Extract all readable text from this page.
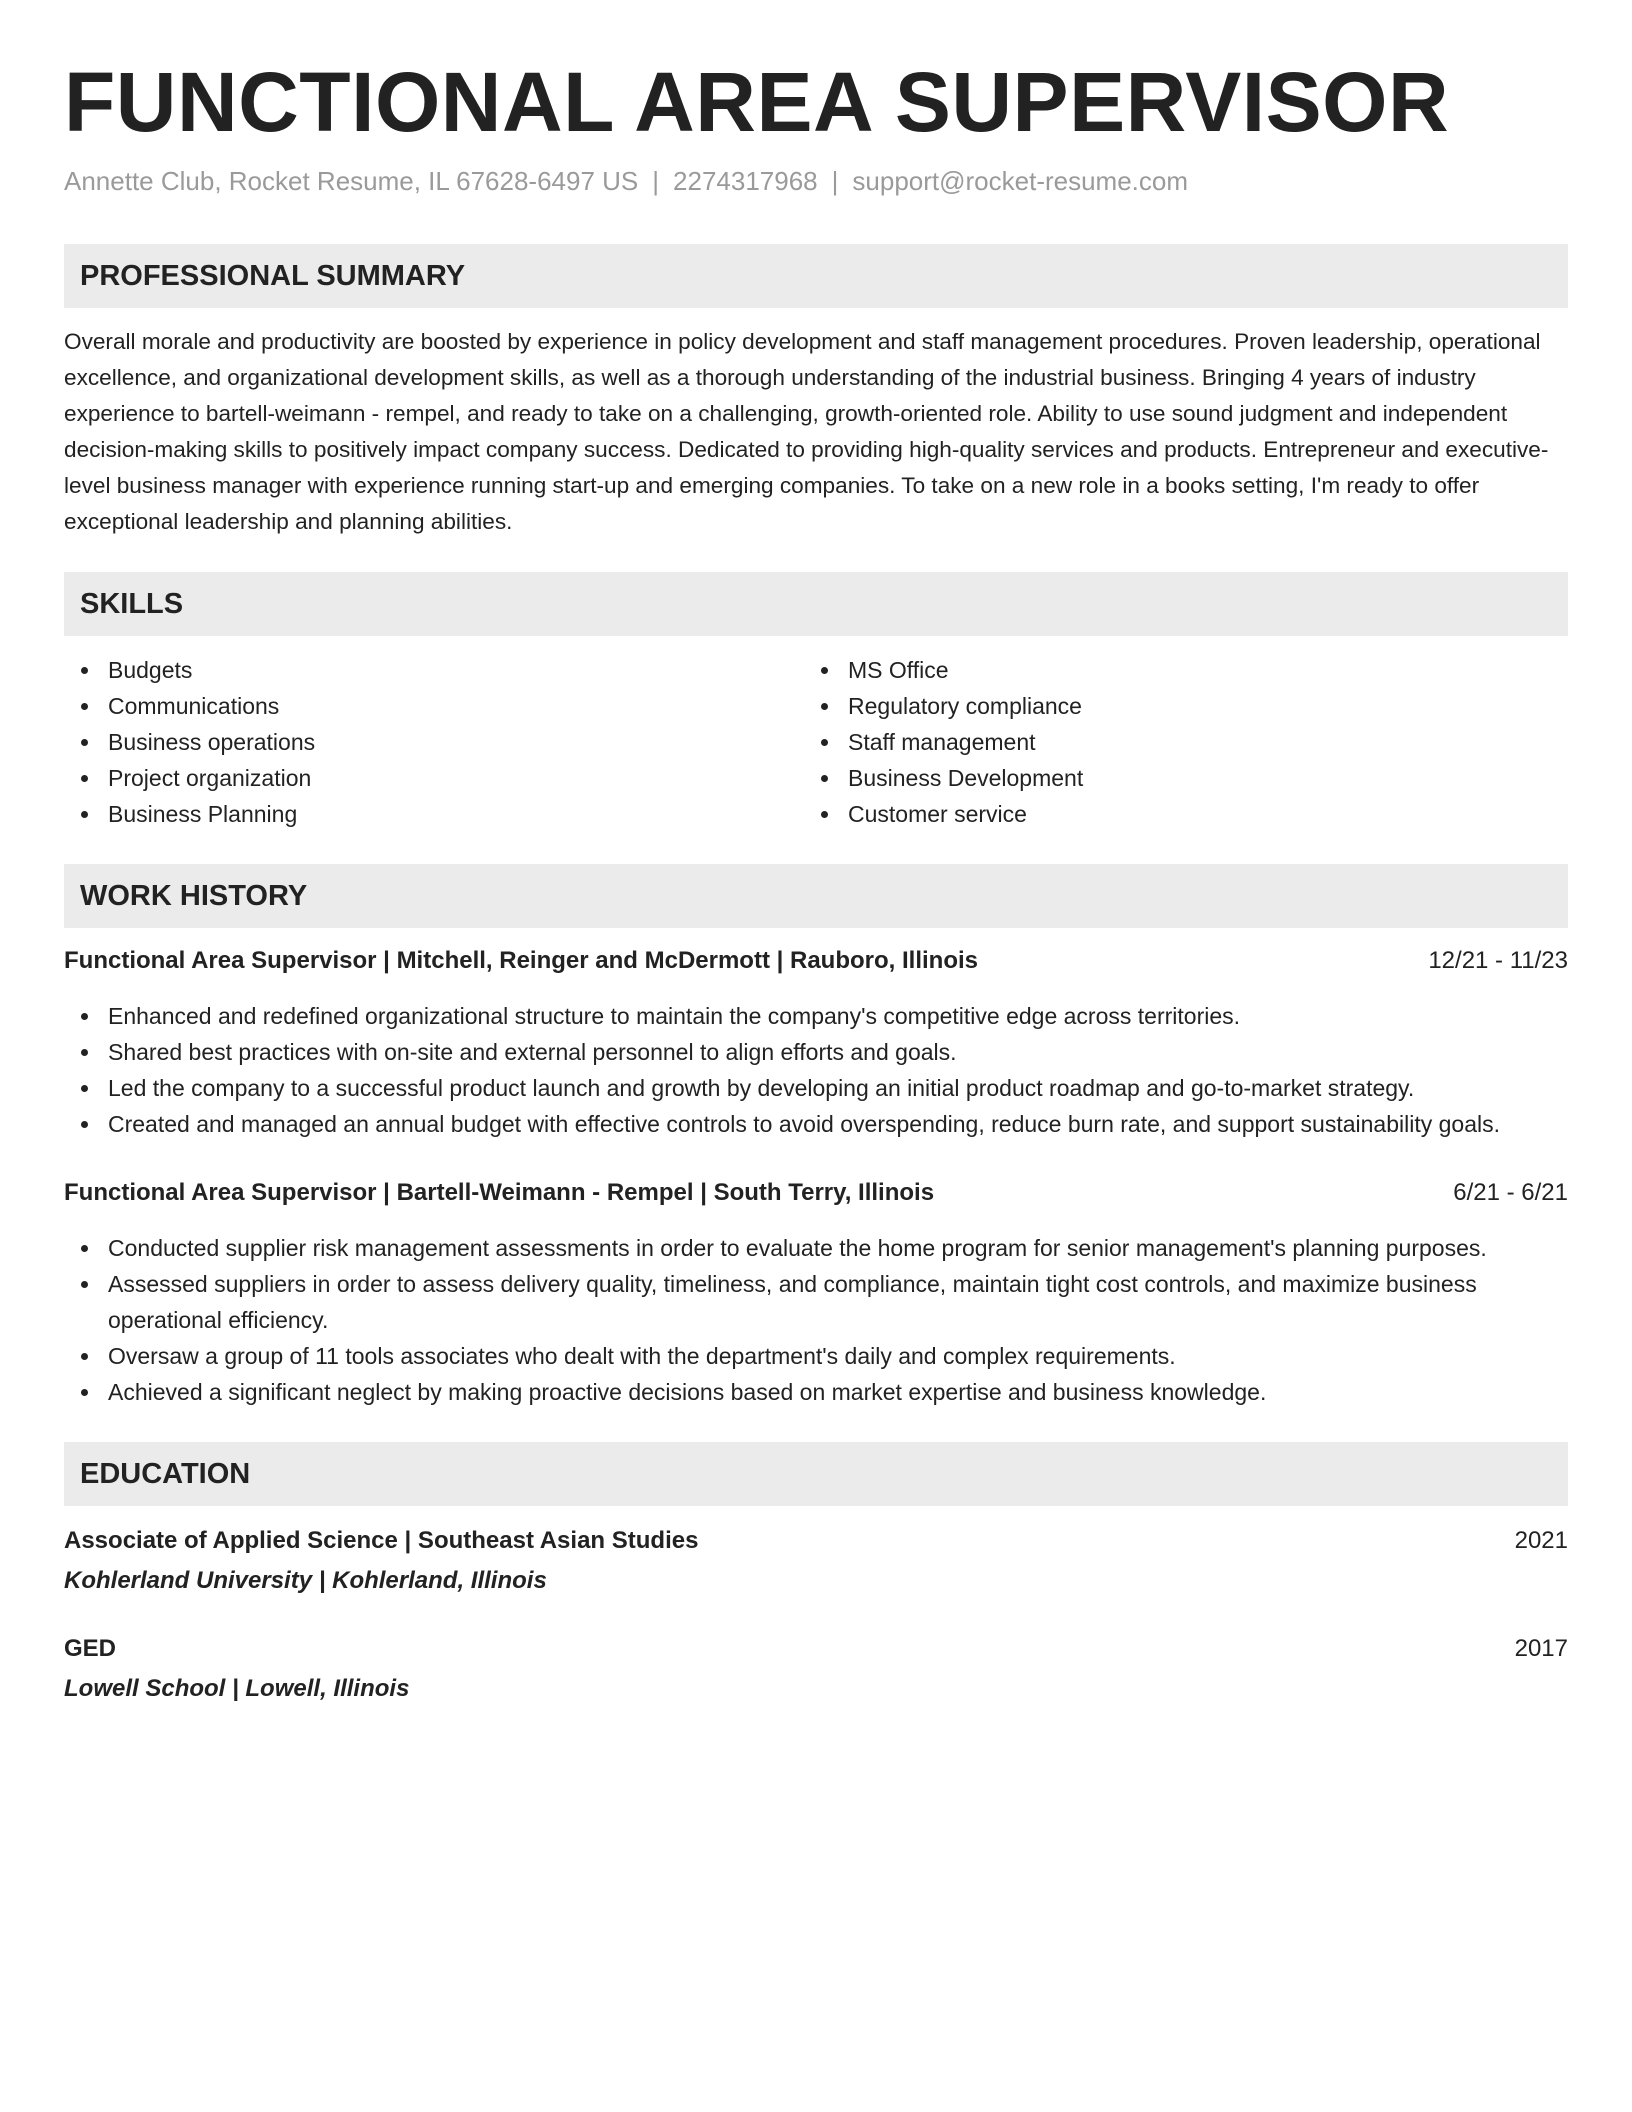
FUNCTIONAL AREA SUPERVISOR
Annette Club, Rocket Resume, IL 67628-6497 US | 2274317968 | support@rocket-resume.com
PROFESSIONAL SUMMARY

Overall morale and productivity are boosted by experience in policy development and staff management procedures. Proven leadership, operational excellence, and organizational development skills, as well as a thorough understanding of the industrial business. Bringing 4 years of industry experience to bartell-weimann - rempel, and ready to take on a challenging, growth-oriented role. Ability to use sound judgment and independent decision-making skills to positively impact company success. Dedicated to providing high-quality services and products. Entrepreneur and executive-level business manager with experience running start-up and emerging companies. To take on a new role in a books setting, I'm ready to offer exceptional leadership and planning abilities.

SKILLS
Budgets
Communications
Business operations
Project organization
Business Planning
MS Office
Regulatory compliance
Staff management
Business Development
Customer service
WORK HISTORY
Functional Area Supervisor | Mitchell, Reinger and McDermott | Rauboro, Illinois	12/21 - 11/23
Enhanced and redefined organizational structure to maintain the company's competitive edge across territories.
Shared best practices with on-site and external personnel to align efforts and goals.
Led the company to a successful product launch and growth by developing an initial product roadmap and go-to-market strategy.
Created and managed an annual budget with effective controls to avoid overspending, reduce burn rate, and support sustainability goals.
Functional Area Supervisor | Bartell-Weimann - Rempel | South Terry, Illinois	6/21 - 6/21
Conducted supplier risk management assessments in order to evaluate the home program for senior management's planning purposes.
Assessed suppliers in order to assess delivery quality, timeliness, and compliance, maintain tight cost controls, and maximize business operational efficiency.
Oversaw a group of 11 tools associates who dealt with the department's daily and complex requirements.
Achieved a significant neglect by making proactive decisions based on market expertise and business knowledge.
EDUCATION
Associate of Applied Science | Southeast Asian Studies	2021
Kohlerland University | Kohlerland, Illinois
GED	2017
Lowell School | Lowell, Illinois
